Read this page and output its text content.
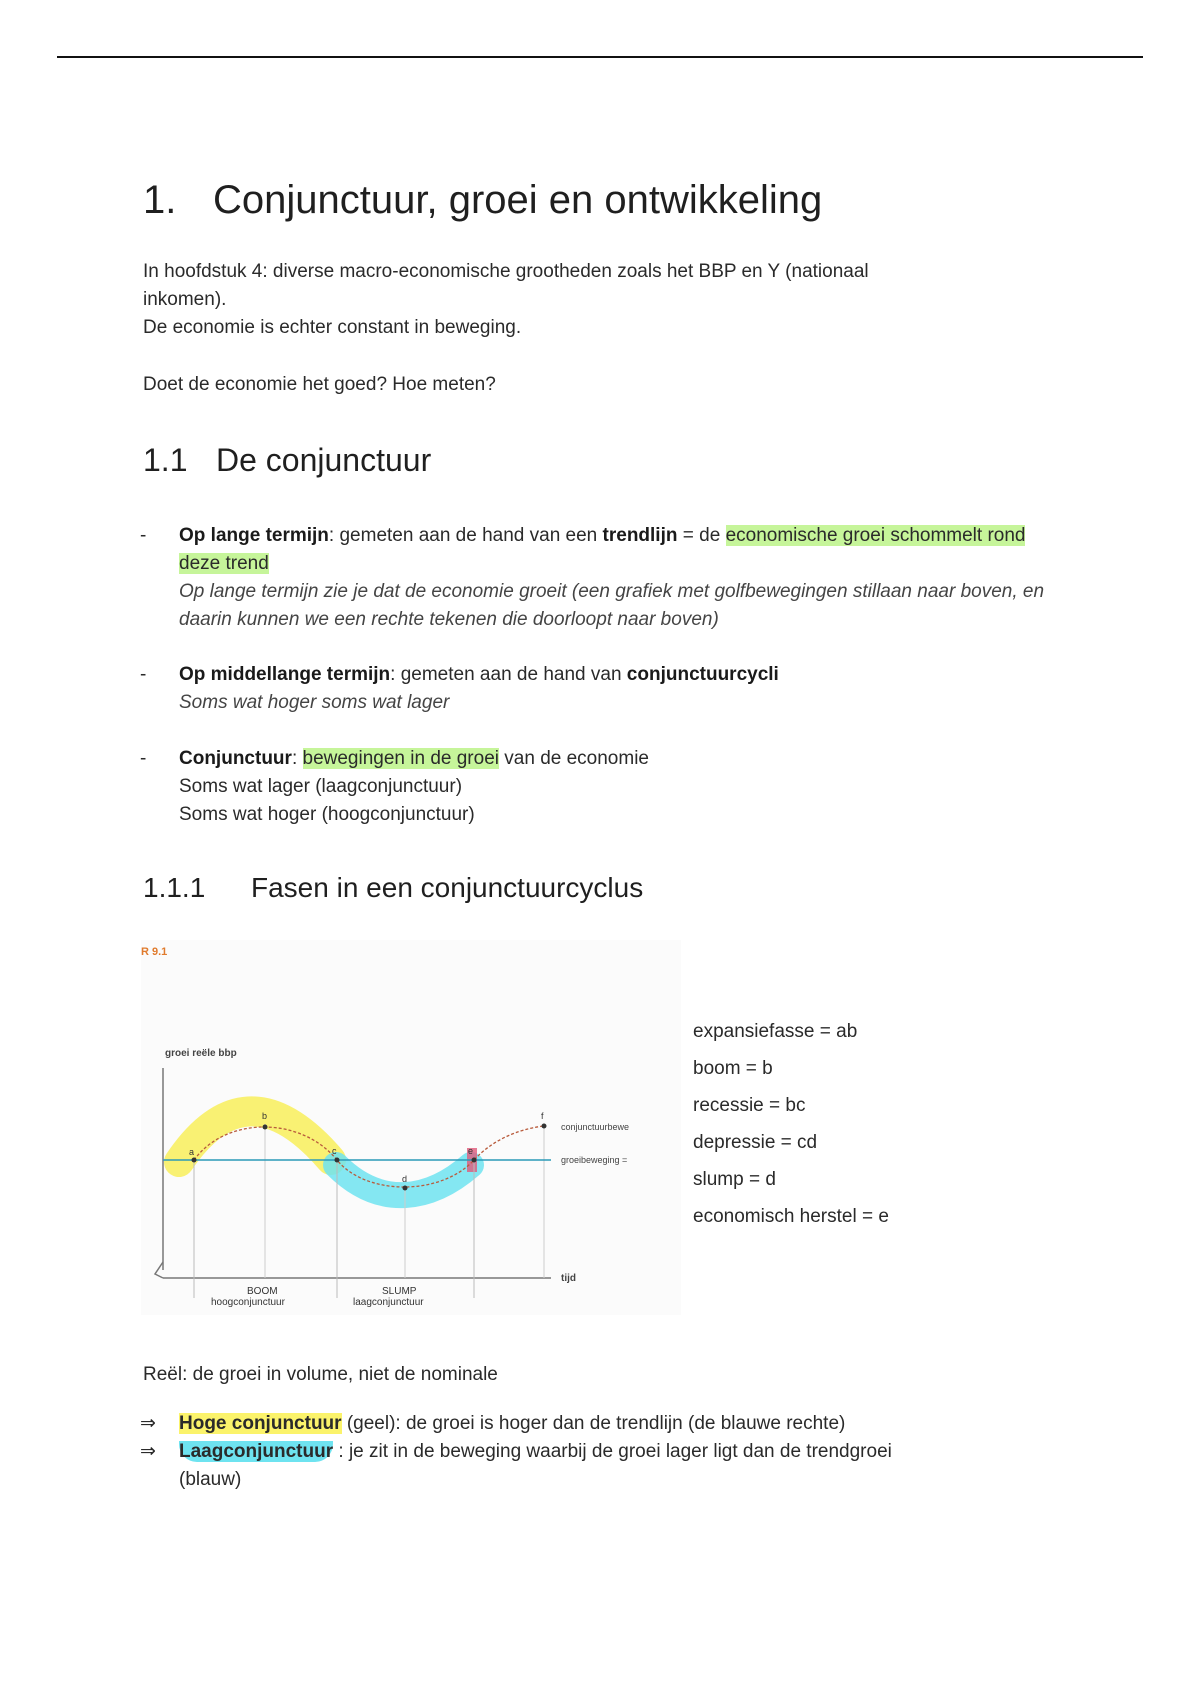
1. Conjunctuur, groei en ontwikkeling

In hoofdstuk 4: diverse macro-economische grootheden zoals het BBP en Y (nationaal

inkomen).

De economie is echter constant in beweging.

Doet de economie het goed? Hoe meten?

1.1 De conjunctuur
-	Op lange termijn: gemeten aan de hand van een trendlijn = de economische groei schommelt rond deze trend
Op lange termijn zie je dat de economie groeit (een grafiek met golfbewegingen stillaan naar boven, en daarin kunnen we een rechte tekenen die doorloopt naar boven)
-	Op middellange termijn: gemeten aan de hand van conjunctuurcycli
Soms wat hoger soms wat lager
-	Conjunctuur: bewegingen in de groei van de economie
Soms wat lager (laagconjunctuur)
Soms wat hoger (hoogconjunctuur)
1.1.1 Fasen in een conjunctuurcyclus
R 9.1
a
b
c
d
e
f
groei reële bbp
tijd
conjunctuurbewe
groeibeweging =
BOOM
hoogconjunctuur
SLUMP
laagconjunctuur
expansiefasse = ab
boom = b
recessie = bc
depressie = cd
slump = d
economisch herstel = e

Reël: de groei in volume, niet de nominale

⇒ Hoge conjunctuur (geel): de groei is hoger dan de trendlijn (de blauwe rechte)
⇒ Laagconjunctuur : je zit in de beweging waarbij de groei lager ligt dan de trendgroei
(blauw)
